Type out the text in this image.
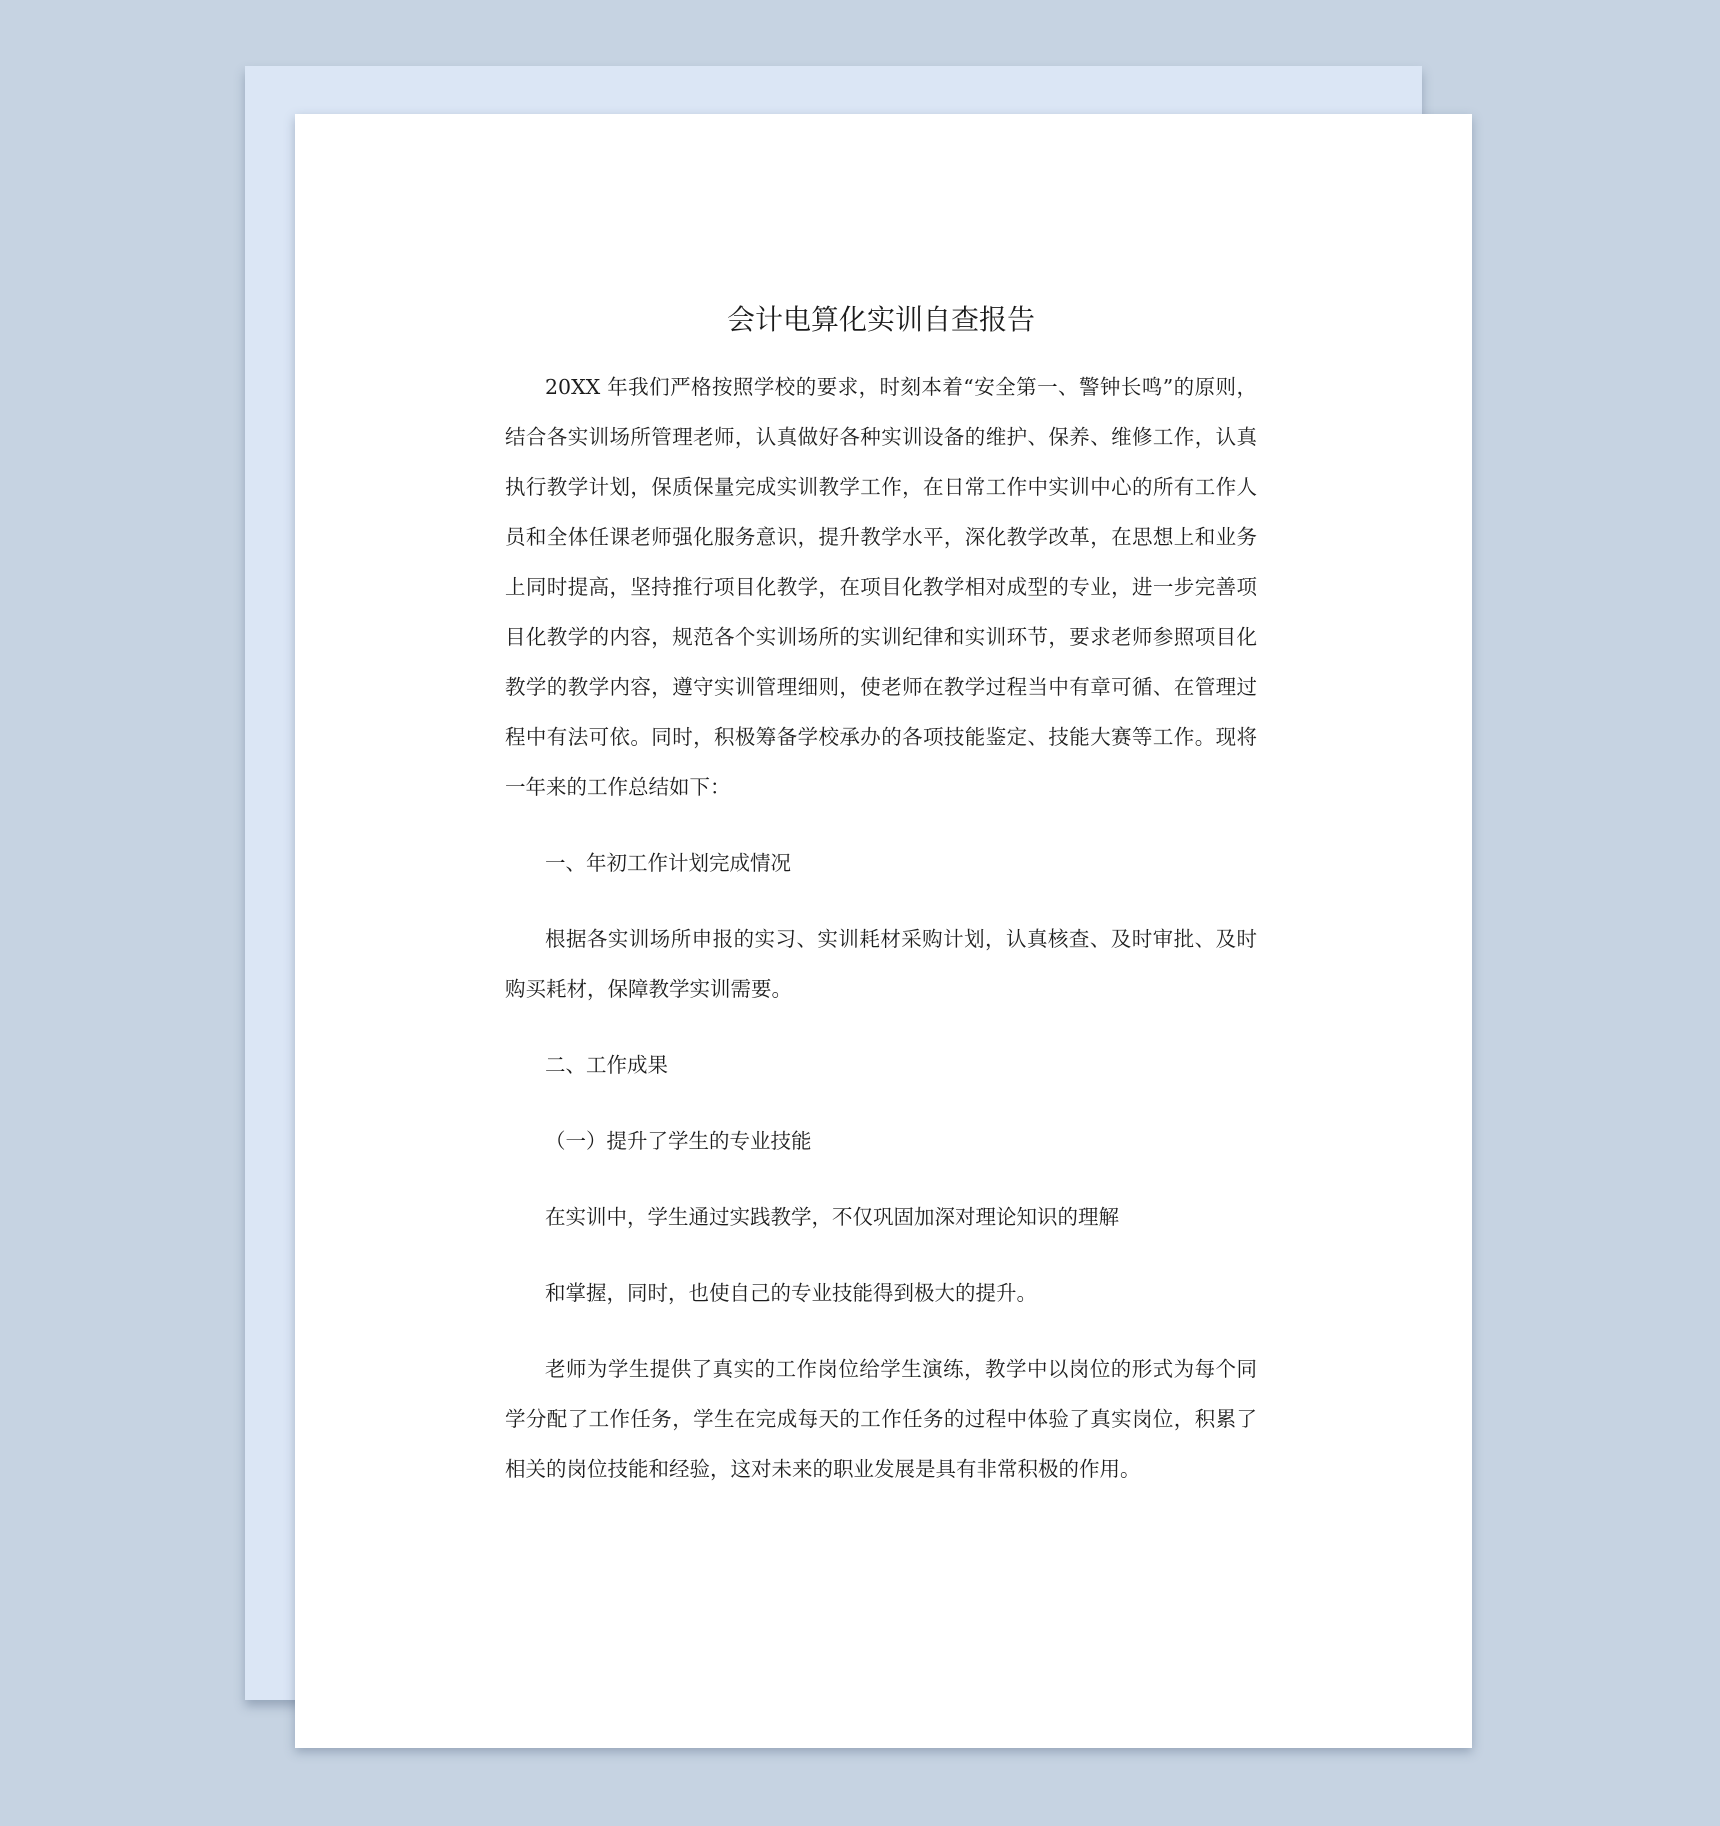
会计电算化实训自查报告

20XX 年我们严格按照学校的要求，时刻本着“安全第一、警钟长鸣”的原则，结合各实训场所管理老师，认真做好各种实训设备的维护、保养、维修工作，认真执行教学计划，保质保量完成实训教学工作，在日常工作中实训中心的所有工作人员和全体任课老师强化服务意识，提升教学水平，深化教学改革，在思想上和业务上同时提高，坚持推行项目化教学，在项目化教学相对成型的专业，进一步完善项目化教学的内容，规范各个实训场所的实训纪律和实训环节，要求老师参照项目化教学的教学内容，遵守实训管理细则，使老师在教学过程当中有章可循、在管理过程中有法可依。同时，积极筹备学校承办的各项技能鉴定、技能大赛等工作。现将一年来的工作总结如下：

一、年初工作计划完成情况

根据各实训场所申报的实习、实训耗材采购计划，认真核查、及时审批、及时购买耗材，保障教学实训需要。

二、工作成果

（一）提升了学生的专业技能

在实训中，学生通过实践教学，不仅巩固加深对理论知识的理解

和掌握，同时，也使自己的专业技能得到极大的提升。

老师为学生提供了真实的工作岗位给学生演练，教学中以岗位的形式为每个同学分配了工作任务，学生在完成每天的工作任务的过程中体验了真实岗位，积累了相关的岗位技能和经验，这对未来的职业发展是具有非常积极的作用。
